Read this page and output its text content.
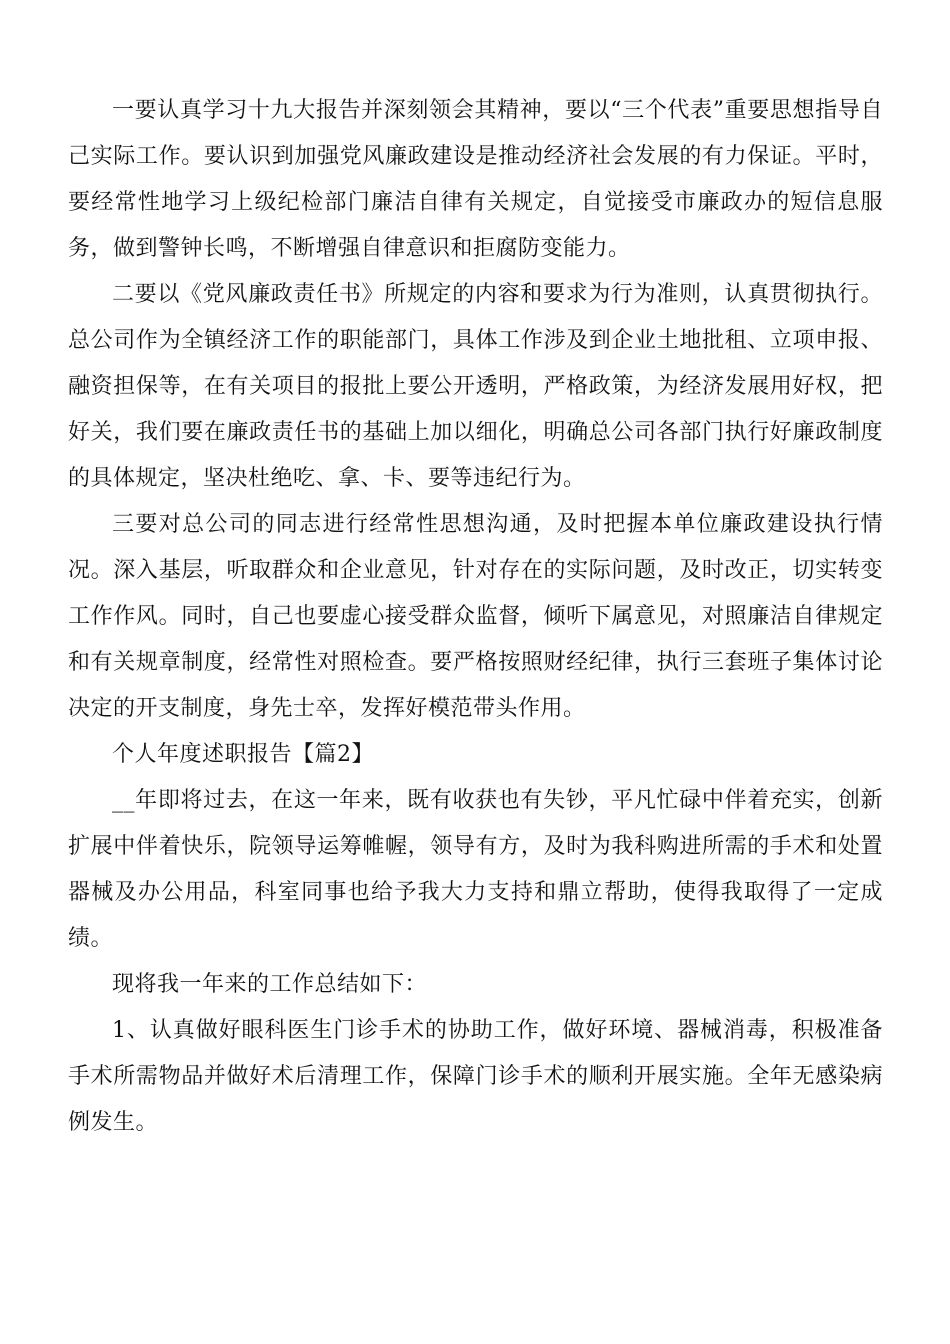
一要认真学习十九大报告并深刻领会其精神，要以“三个代表”重要思想指导自己实际工作。要认识到加强党风廉政建设是推动经济社会发展的有力保证。平时，要经常性地学习上级纪检部门廉洁自律有关规定，自觉接受市廉政办的短信息服务，做到警钟长鸣，不断增强自律意识和拒腐防变能力。

二要以《党风廉政责任书》所规定的内容和要求为行为准则，认真贯彻执行。总公司作为全镇经济工作的职能部门，具体工作涉及到企业土地批租、立项申报、融资担保等，在有关项目的报批上要公开透明，严格政策，为经济发展用好权，把好关，我们要在廉政责任书的基础上加以细化，明确总公司各部门执行好廉政制度的具体规定，坚决杜绝吃、拿、卡、要等违纪行为。

三要对总公司的同志进行经常性思想沟通，及时把握本单位廉政建设执行情况。深入基层，听取群众和企业意见，针对存在的实际问题，及时改正，切实转变工作作风。同时，自己也要虚心接受群众监督，倾听下属意见，对照廉洁自律规定和有关规章制度，经常性对照检查。要严格按照财经纪律，执行三套班子集体讨论决定的开支制度，身先士卒，发挥好模范带头作用。

个人年度述职报告【篇2】

__年即将过去，在这一年来，既有收获也有失钞，平凡忙碌中伴着充实，创新扩展中伴着快乐，院领导运筹帷幄，领导有方，及时为我科购进所需的手术和处置器械及办公用品，科室同事也给予我大力支持和鼎立帮助，使得我取得了一定成绩。

现将我一年来的工作总结如下：

1、认真做好眼科医生门诊手术的协助工作，做好环境、器械消毒，积极准备手术所需物品并做好术后清理工作，保障门诊手术的顺利开展实施。全年无感染病例发生。
